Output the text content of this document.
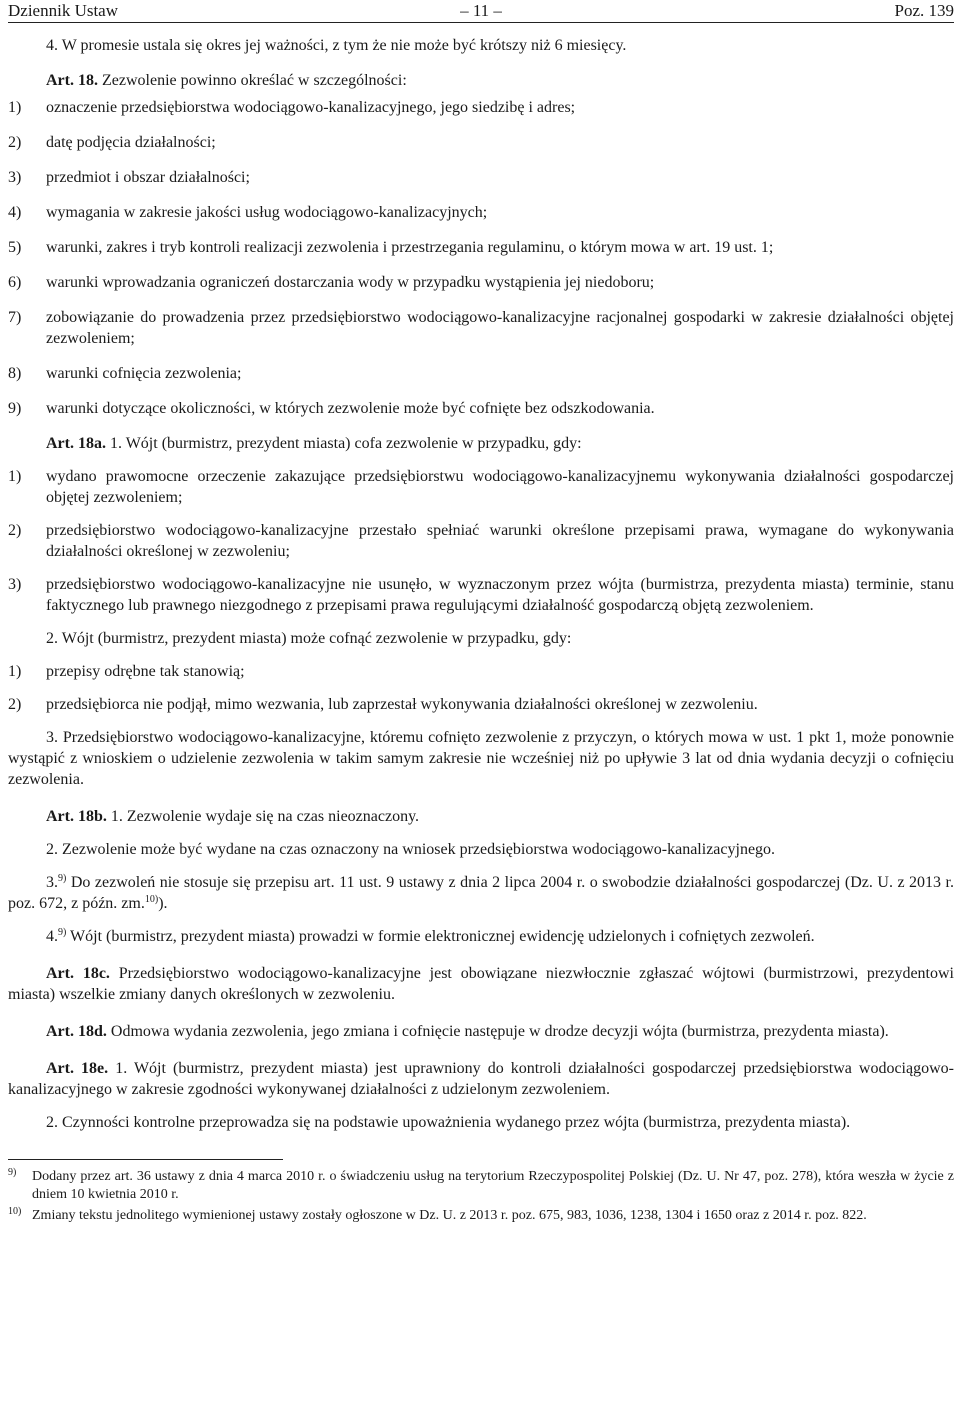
Dziennik Ustaw	– 11 –	Poz. 139

4. W promesie ustala się okres jej ważności, z tym że nie może być krótszy niż 6 miesięcy.

Art. 18. Zezwolenie powinno określać w szczególności:

1) oznaczenie przedsiębiorstwa wodociągowo-kanalizacyjnego, jego siedzibę i adres;
2) datę podjęcia działalności;
3) przedmiot i obszar działalności;
4) wymagania w zakresie jakości usług wodociągowo-kanalizacyjnych;
5) warunki, zakres i tryb kontroli realizacji zezwolenia i przestrzegania regulaminu, o którym mowa w art. 19 ust. 1;
6) warunki wprowadzania ograniczeń dostarczania wody w przypadku wystąpienia jej niedoboru;
7) zobowiązanie do prowadzenia przez przedsiębiorstwo wodociągowo-kanalizacyjne racjonalnej gospodarki w zakresie działalności objętej zezwoleniem;
8) warunki cofnięcia zezwolenia;
9) warunki dotyczące okoliczności, w których zezwolenie może być cofnięte bez odszkodowania.

Art. 18a. 1. Wójt (burmistrz, prezydent miasta) cofa zezwolenie w przypadku, gdy:

1) wydano prawomocne orzeczenie zakazujące przedsiębiorstwu wodociągowo-kanalizacyjnemu wykonywania działalności gospodarczej objętej zezwoleniem;
2) przedsiębiorstwo wodociągowo-kanalizacyjne przestało spełniać warunki określone przepisami prawa, wymagane do wykonywania działalności określonej w zezwoleniu;
3) przedsiębiorstwo wodociągowo-kanalizacyjne nie usunęło, w wyznaczonym przez wójta (burmistrza, prezydenta miasta) terminie, stanu faktycznego lub prawnego niezgodnego z przepisami prawa regulującymi działalność gospodarczą objętą zezwoleniem.

2. Wójt (burmistrz, prezydent miasta) może cofnąć zezwolenie w przypadku, gdy:

1) przepisy odrębne tak stanowią;
2) przedsiębiorca nie podjął, mimo wezwania, lub zaprzestał wykonywania działalności określonej w zezwoleniu.

3. Przedsiębiorstwo wodociągowo-kanalizacyjne, któremu cofnięto zezwolenie z przyczyn, o których mowa w ust. 1 pkt 1, może ponownie wystąpić z wnioskiem o udzielenie zezwolenia w takim samym zakresie nie wcześniej niż po upływie 3 lat od dnia wydania decyzji o cofnięciu zezwolenia.

Art. 18b. 1. Zezwolenie wydaje się na czas nieoznaczony.

2. Zezwolenie może być wydane na czas oznaczony na wniosek przedsiębiorstwa wodociągowo-kanalizacyjnego.

3.$^{9)}$ Do zezwoleń nie stosuje się przepisu art. 11 ust. 9 ustawy z dnia 2 lipca 2004 r. o swobodzie działalności gospodarczej (Dz. U. z 2013 r. poz. 672, z późn. zm.$^{10)}$).

4.$^{9)}$ Wójt (burmistrz, prezydent miasta) prowadzi w formie elektronicznej ewidencję udzielonych i cofniętych zezwoleń.

Art. 18c. Przedsiębiorstwo wodociągowo-kanalizacyjne jest obowiązane niezwłocznie zgłaszać wójtowi (burmistrzowi, prezydentowi miasta) wszelkie zmiany danych określonych w zezwoleniu.

Art. 18d. Odmowa wydania zezwolenia, jego zmiana i cofnięcie następuje w drodze decyzji wójta (burmistrza, prezydenta miasta).

Art. 18e. 1. Wójt (burmistrz, prezydent miasta) jest uprawniony do kontroli działalności gospodarczej przedsiębiorstwa wodociągowo-kanalizacyjnego w zakresie zgodności wykonywanej działalności z udzielonym zezwoleniem.

2. Czynności kontrolne przeprowadza się na podstawie upoważnienia wydanego przez wójta (burmistrza, prezydenta miasta).

9) Dodany przez art. 36 ustawy z dnia 4 marca 2010 r. o świadczeniu usług na terytorium Rzeczypospolitej Polskiej (Dz. U. Nr 47, poz. 278), która weszła w życie z dniem 10 kwietnia 2010 r.
10) Zmiany tekstu jednolitego wymienionej ustawy zostały ogłoszone w Dz. U. z 2013 r. poz. 675, 983, 1036, 1238, 1304 i 1650 oraz z 2014 r. poz. 822.
